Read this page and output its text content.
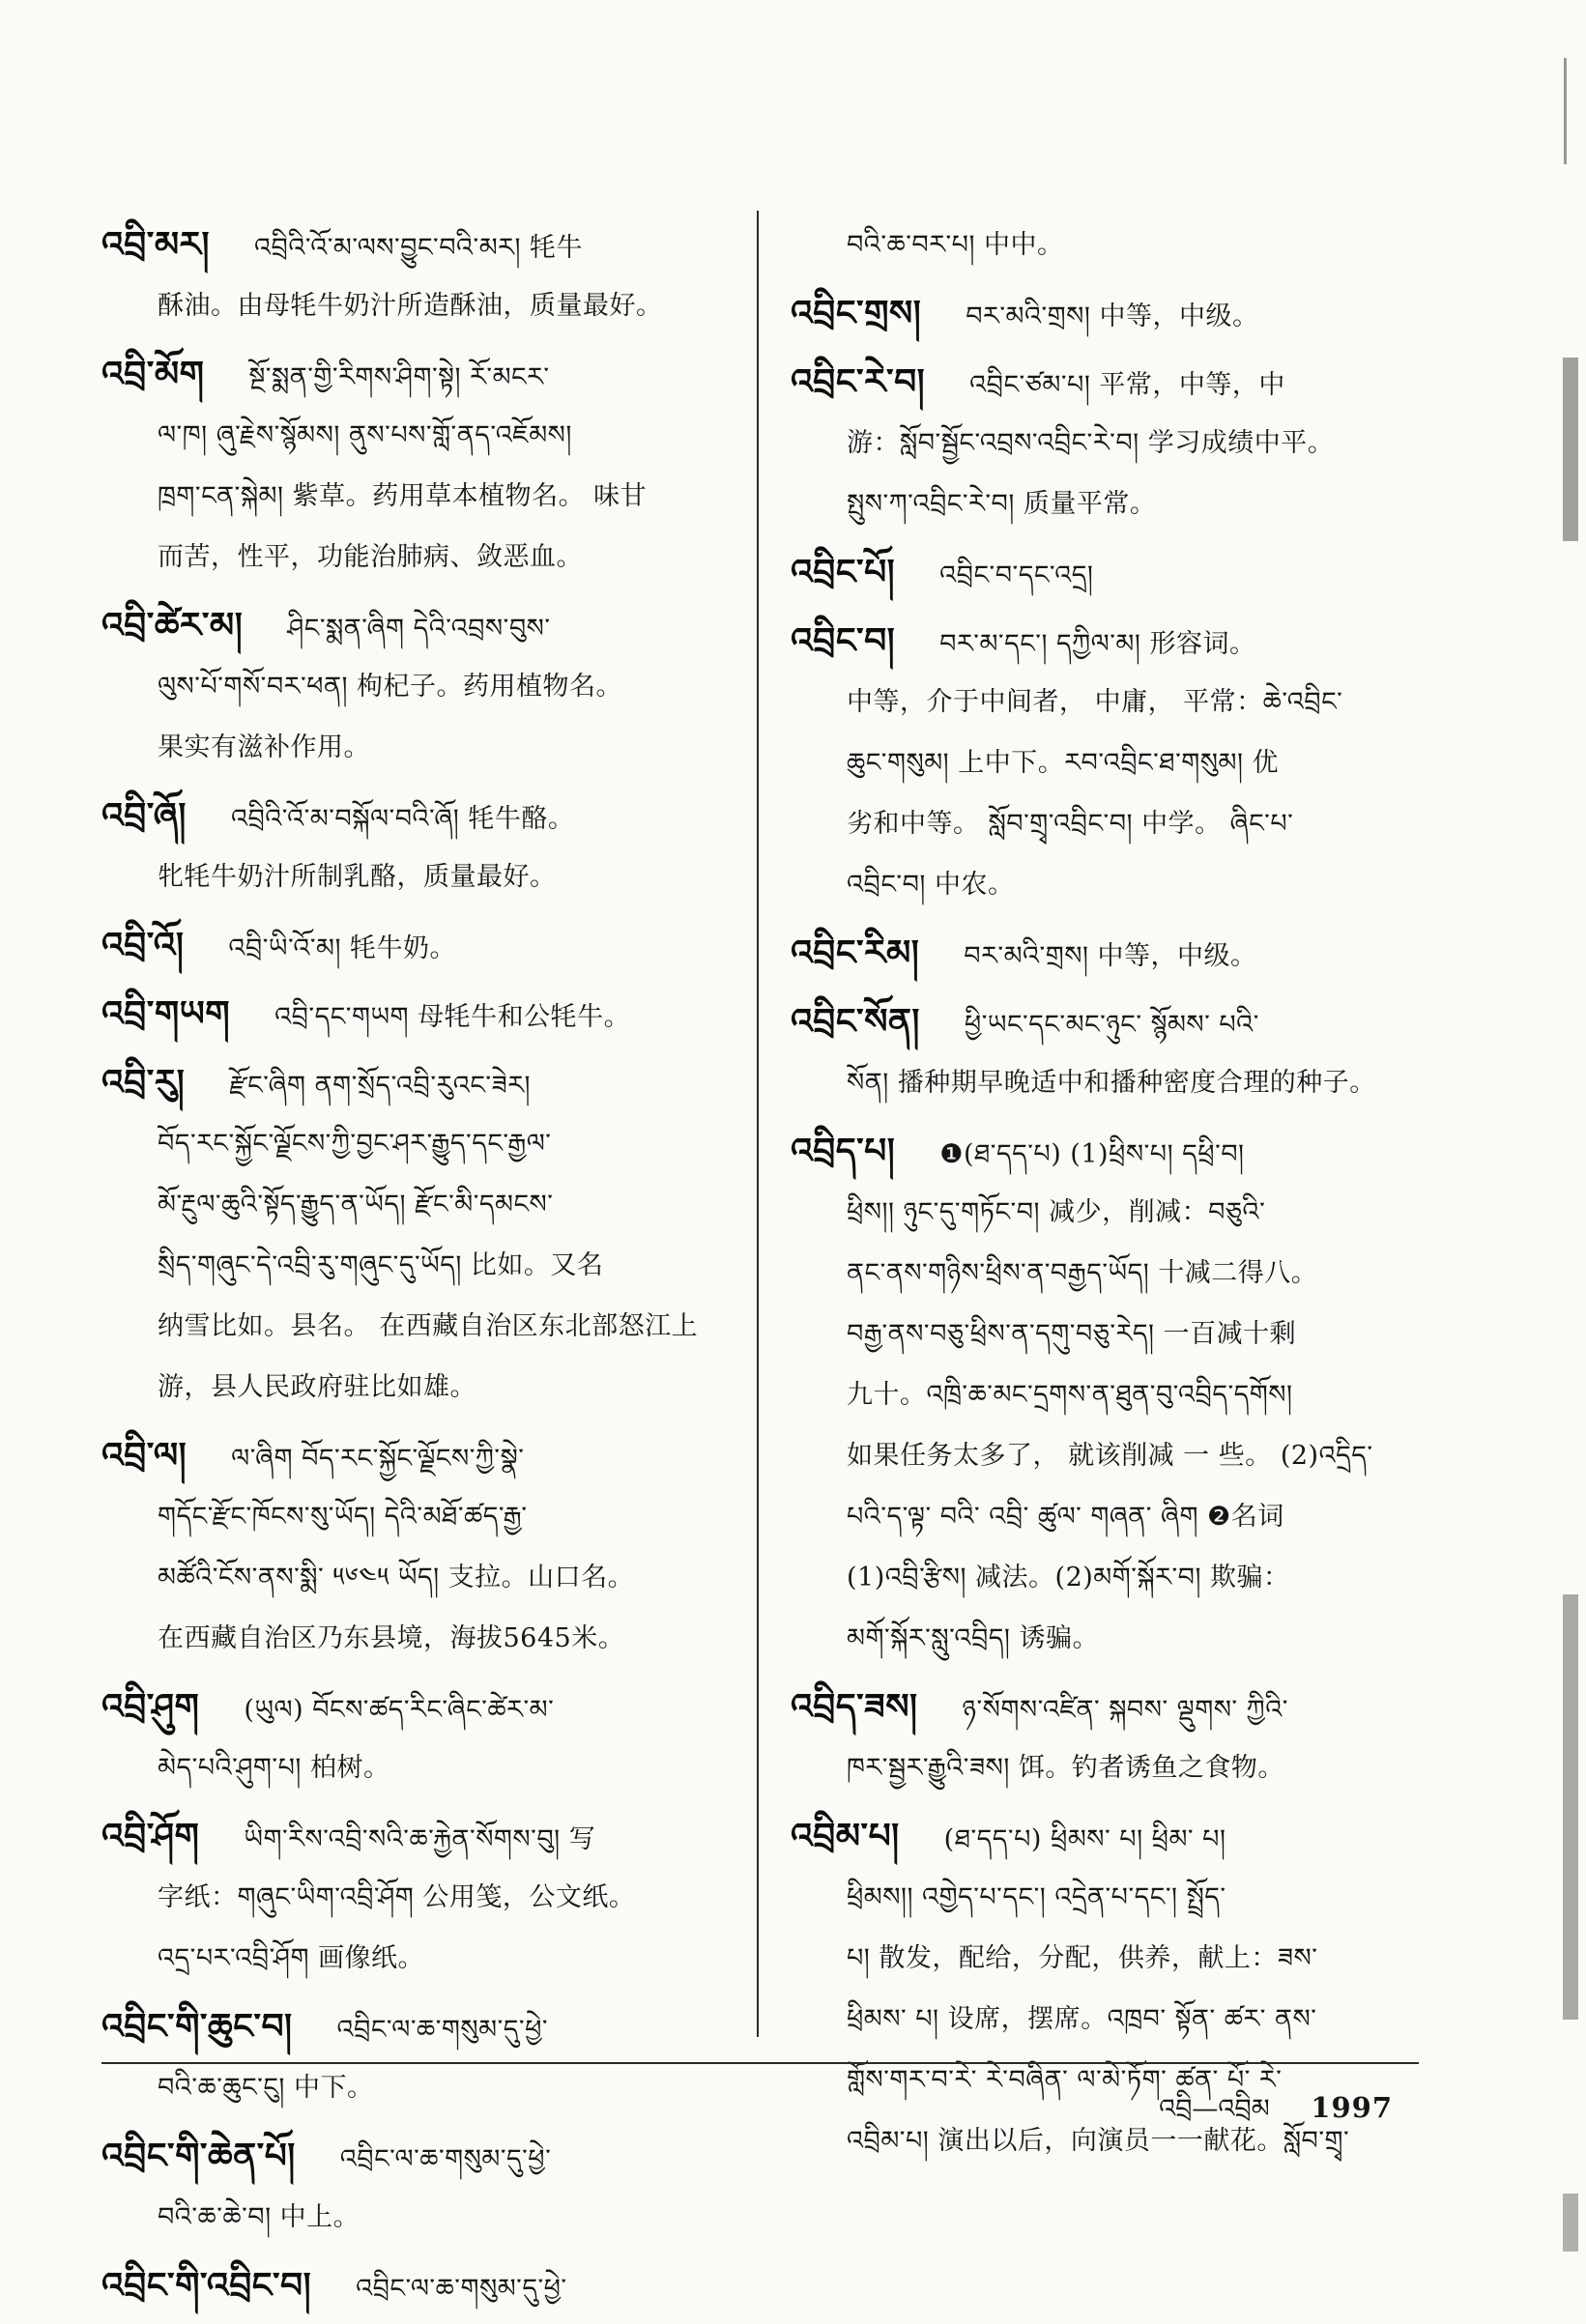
འབྲི་མར། འབྲིའི་འོ་མ་ལས་བྱུང་བའི་མར། 牦牛
酥油。由母牦牛奶汁所造酥油，质量最好。
འབྲི་མོག སྔོ་སྨན་གྱི་རིགས་ཤིག་སྟེ། རོ་མངར་
ལ་ཁ། ཞུ་རྗེས་སྙོམས། ནུས་པས་གློ་ནད་འཇོམས།
ཁྲག་ངན་སྐེམ། 紫草。药用草本植物名。 味甘
而苦，性平，功能治肺病、敛恶血。
འབྲི་ཚེར་མ། ཤིང་སྨན་ཞིག དེའི་འབྲས་བུས་
ལུས་པོ་གསོ་བར་ཕན། 枸杞子。药用植物名。
果实有滋补作用。
འབྲི་ཞོ། འབྲིའི་འོ་མ་བསྐོལ་བའི་ཞོ། 牦牛酪。
牝牦牛奶汁所制乳酪，质量最好。
འབྲི་འོ། འབྲི་ཡི་འོ་མ། 牦牛奶。
འབྲི་གཡག འབྲི་དང་གཡག 母牦牛和公牦牛。
འབྲི་རུ། རྫོང་ཞིག ནག་སྲོད་འབྲི་རུའང་ཟེར།
བོད་རང་སྐྱོང་ལྗོངས་ཀྱི་བྱང་ཤར་རྒྱུད་དང་རྒྱལ་
མོ་རྔུལ་ཆུའི་སྟོད་རྒྱུད་ན་ཡོད། རྫོང་མི་དམངས་
སྲིད་གཞུང་དེ་འབྲི་རུ་གཞུང་དུ་ཡོད། 比如。又名
纳雪比如。县名。 在西藏自治区东北部怒江上
游，县人民政府驻比如雄。
འབྲི་ལ། ལ་ཞིག བོད་རང་སྐྱོང་ལྗོངས་ཀྱི་སྣེ་
གདོང་རྫོང་ཁོངས་སུ་ཡོད། དེའི་མཐོ་ཚད་རྒྱ་
མཚོའི་ངོས་ནས་སྨི་ ༥༦༤༥ ཡོད། 支拉。山口名。
在西藏自治区乃东县境，海拔5645米。
འབྲི་ཤུག (ཡུལ) བོངས་ཚད་རིང་ཞིང་ཚེར་མ་
མེད་པའི་ཤུག་པ། 柏树。
འབྲི་ཤོག ཡིག་རིས་འབྲི་སའི་ཆ་རྐྱེན་སོགས་བུ། 写
字纸：གཞུང་ཡིག་འབྲི་ཤོག 公用笺，公文纸。
འདྲ་པར་འབྲི་ཤོག 画像纸。
འབྲིང་གི་ཆུང་བ། འབྲིང་ལ་ཆ་གསུམ་དུ་ཕྱེ་
བའི་ཆ་ཆུང་ངུ། 中下。
འབྲིང་གི་ཆེན་པོ། འབྲིང་ལ་ཆ་གསུམ་དུ་ཕྱེ་
བའི་ཆ་ཆེ་བ། 中上。
འབྲིང་གི་འབྲིང་བ། འབྲིང་ལ་ཆ་གསུམ་དུ་ཕྱེ་
བའི་ཆ་བར་པ། 中中。
འབྲིང་གྲས། བར་མའི་གྲས། 中等，中级。
འབྲིང་རེ་བ། འབྲིང་ཙམ་པ། 平常，中等，中
游：སློབ་སྦྱོང་འབྲས་འབྲིང་རེ་བ། 学习成绩中平。
སྤུས་ཀ་འབྲིང་རེ་བ། 质量平常。
འབྲིང་པོ། འབྲིང་བ་དང་འདྲ།
འབྲིང་བ། བར་མ་དང་། དཀྱིལ་མ། 形容词。
中等，介于中间者， 中庸， 平常：ཆེ་འབྲིང་
ཆུང་གསུམ། 上中下。རབ་འབྲིང་ཐ་གསུམ། 优
劣和中等。 སློབ་གྲྭ་འབྲིང་བ། 中学。 ཞིང་པ་
འབྲིང་བ། 中农。
འབྲིང་རིམ། བར་མའི་གྲས། 中等，中级。
འབྲིང་སོན། ཕྱི་ཡང་དང་མང་ཉུང་ སྙོམས་ པའི་
སོན། 播种期早晚适中和播种密度合理的种子。
འབྲིད་པ། ❶(ཐ་དད་པ) (1)ཕྲིས་པ། དཕྲི་བ།
ཕྲིས།། ཉུང་དུ་གཏོང་བ། 减少，削减：བཅུའི་
ནང་ནས་གཉིས་ཕྲིས་ན་བརྒྱད་ཡོད། 十减二得八。
བརྒྱ་ནས་བཅུ་ཕྲིས་ན་དགུ་བཅུ་རེད། 一百减十剩
九十。འཁྲི་ཆ་མང་དྲགས་ན་ཐུན་བུ་འབྲིད་དགོས།
如果任务太多了， 就该削减 一 些。 (2)འདྲིད་
པའི་ད་ལྟ་ བའི་ འབྲི་ ཚུལ་ གཞན་ ཞིག ❷名词
(1)འབྲི་རྩིས། 减法。(2)མགོ་སྐོར་བ། 欺骗：
མགོ་སྐོར་སླུ་འབྲིད། 诱骗。
འབྲིད་ཟས། ཉ་སོགས་འཛིན་ སྐབས་ ལྡུགས་ ཀྱིའི་
ཁར་སྦྱར་རྒྱུའི་ཟས། 饵。钓者诱鱼之食物。
འབྲིམ་པ། (ཐ་དད་པ) ཕྲིམས་ པ། ཕྲིམ་ པ།
ཕྲིམས།། འགྱེད་པ་དང་། འདྲེན་པ་དང་། སྤྲོད་
པ། 散发，配给，分配，供养，献上：ཟས་
ཕྲིམས་ པ། 设席，摆席。འཁྲབ་ སྟོན་ ཚར་ ནས་
གློས་གར་བ་རེ་ རེ་བཞིན་ ལ་མེ་ཏོག་ ཚན་ པོ་ རེ་
འབྲིམ་པ། 演出以后，向演员一一献花。སློབ་གྲྭ་
འབྲི—འབྲིམ 1997
